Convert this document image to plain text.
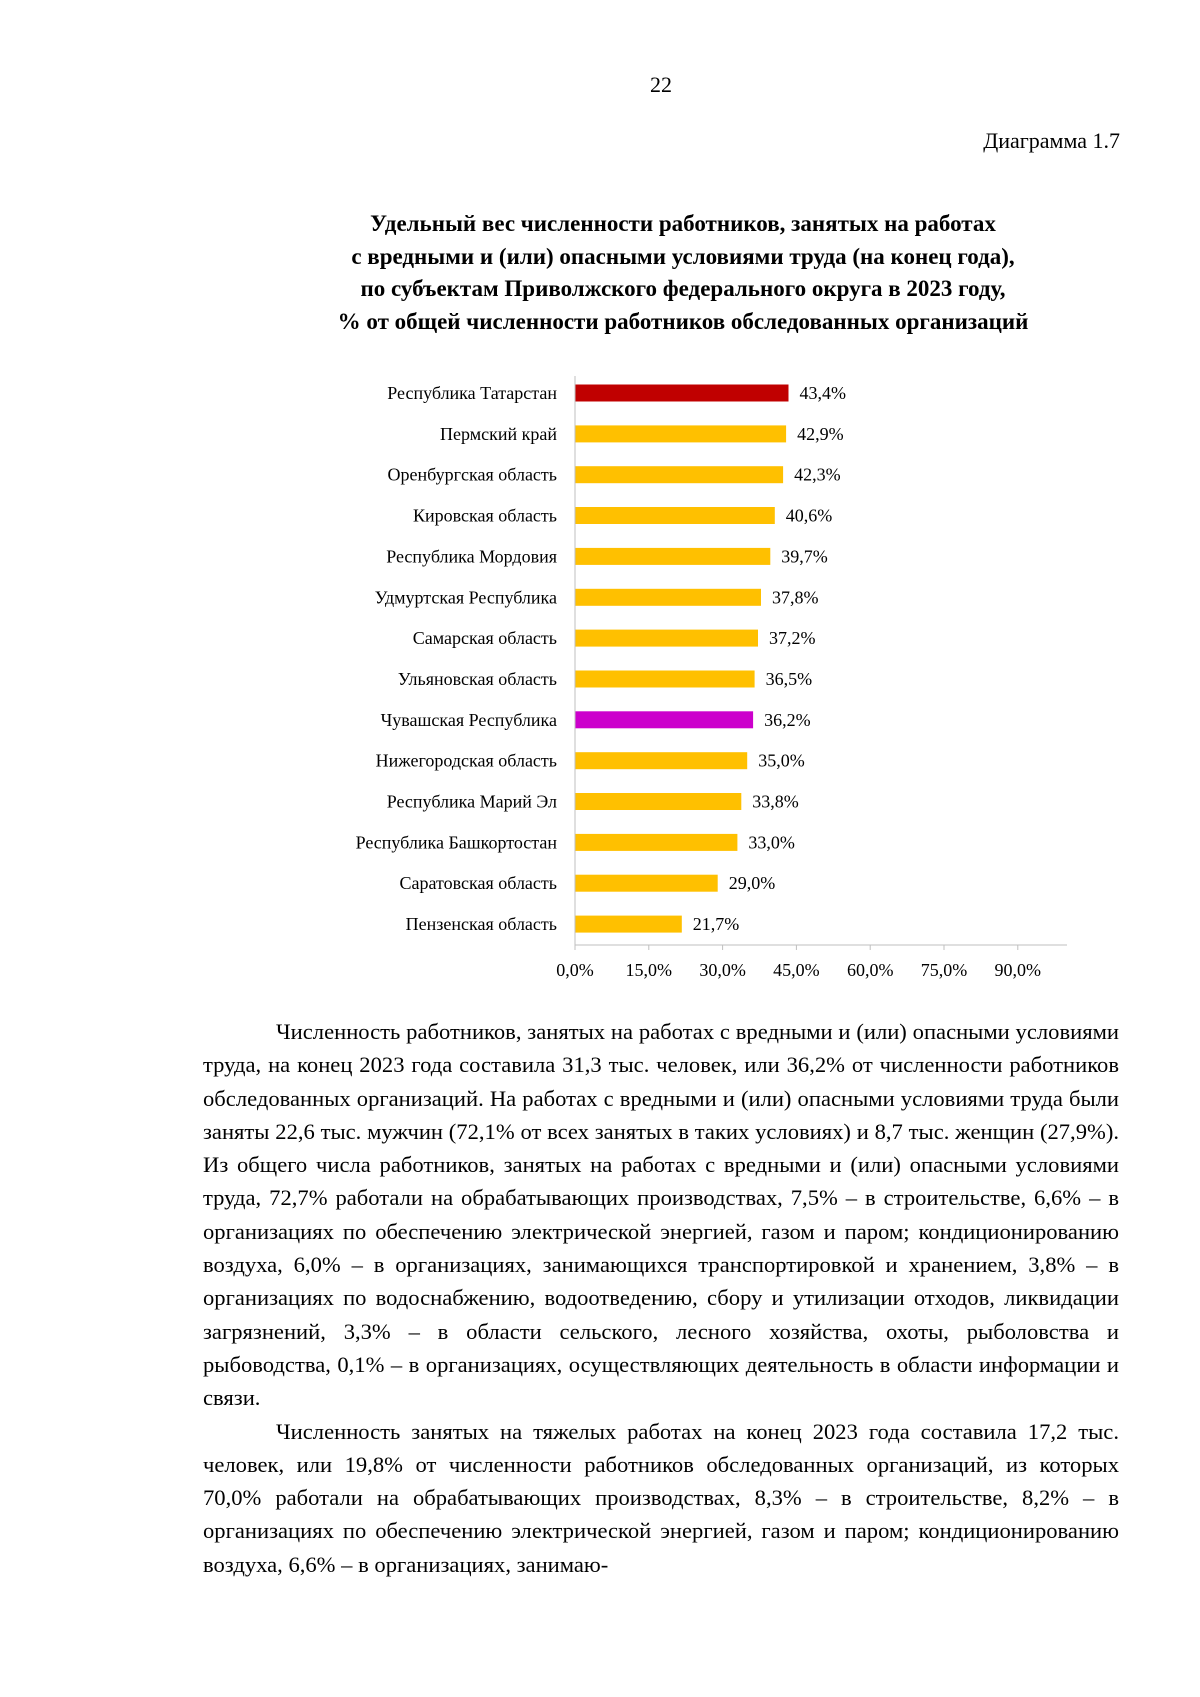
22
Диаграмма 1.7
Удельный вес численности работников, занятых на работах
с вредными и (или) опасными условиями труда (на конец года),
по субъектам Приволжского федерального округа в 2023 году,
% от общей численности работников обследованных организаций
Республика Татарстан
Пермский край
Оренбургская область
Кировская область
Республика Мордовия
Удмуртская Республика
Самарская область
Ульяновская область
Чувашская Республика
Нижегородская область
Республика Марий Эл
Республика Башкортостан
Саратовская область
Пензенская область
43,4%
42,9%
42,3%
40,6%
39,7%
37,8%
37,2%
36,5%
36,2%
35,0%
33,8%
33,0%
29,0%
21,7%
0,0% 15,0% 30,0% 45,0% 60,0% 75,0% 90,0%

Численность работников, занятых на работах с вредными и (или) опасными условиями труда, на конец 2023 года составила 31,3 тыс. человек, или 36,2% от численности работников обследованных организаций. На работах с вредными и (или) опасными условиями труда были заняты 22,6 тыс. мужчин (72,1% от всех занятых в таких условиях) и 8,7 тыс. женщин (27,9%). Из общего числа работников, занятых на работах с вредными и (или) опасными условиями труда, 72,7% работали на обрабатывающих производствах, 7,5% – в строительстве, 6,6% – в организациях по обеспечению электрической энергией, газом и паром; кондиционированию воздуха, 6,0% – в организациях, занимающихся транспортировкой и хранением, 3,8% – в организациях по водоснабжению, водоотведению, сбору и утилизации отходов, ликвидации загрязнений, 3,3% – в области сельского, лесного хозяйства, охоты, рыболовства и рыбоводства, 0,1% – в организациях, осуществляющих деятельность в области информации и связи.

Численность занятых на тяжелых работах на конец 2023 года составила 17,2 тыс. человек, или 19,8% от численности работников обследованных организаций, из которых 70,0% работали на обрабатывающих производствах, 8,3% – в строительстве, 8,2% – в организациях по обеспечению электрической энергией, газом и паром; кондиционированию воздуха, 6,6% – в организациях, занимаю-
